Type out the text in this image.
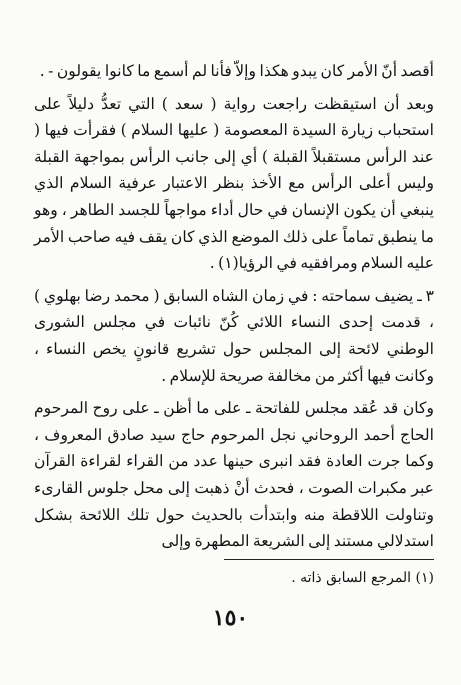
أقصد أنّ الأمر كان يبدو هكذا وإلاّ فأنا لم أسمع ما كانوا يقولون - .

وبعد أن استيقظت راجعت رواية ( سعد ) التي تعدُّ دليلاً على استحباب زيارة السيدة المعصومة ( عليها السلام ) فقرأت فيها ( عند الرأس مستقبلاً القبلة ) أي إلى جانب الرأس بمواجهة القبلة وليس أعلى الرأس مع الأخذ بنظر الاعتبار عرفية السلام الذي ينبغي أن يكون الإنسان في حال أداء مواجهاً للجسد الطاهر ، وهو ما ينطبق تماماً على ذلك الموضع الذي كان يقف فيه صاحب الأمر عليه السلام ومرافقيه في الرؤيا(١) .

٣ ـ يضيف سماحته : في زمان الشاه السابق ( محمد رضا بهلوي ) ، قدمت إحدى النساء اللائي كُنّ نائبات في مجلس الشورى الوطني لائحة إلى المجلس حول تشريع قانونٍ يخص النساء ، وكانت فيها أكثر من مخالفة صريحة للإسلام .

وكان قد عُقد مجلس للفاتحة ـ على ما أظن ـ على روح المرحوم الحاج أحمد الروحاني نجل المرحوم حاج سيد صادق المعروف ، وكما جرت العادة فقد انبرى حينها عدد من القراء لقراءة القرآن عبر مكبرات الصوت ، فحدث أنْ ذهبت إلى محل جلوس القارىء وتناولت اللاقطة منه وابتدأت بالحديث حول تلك اللائحة بشكل استدلالي مستند إلى الشريعة المطهرة وإلى

(١) المرجع السابق ذاته .
١٥٠
